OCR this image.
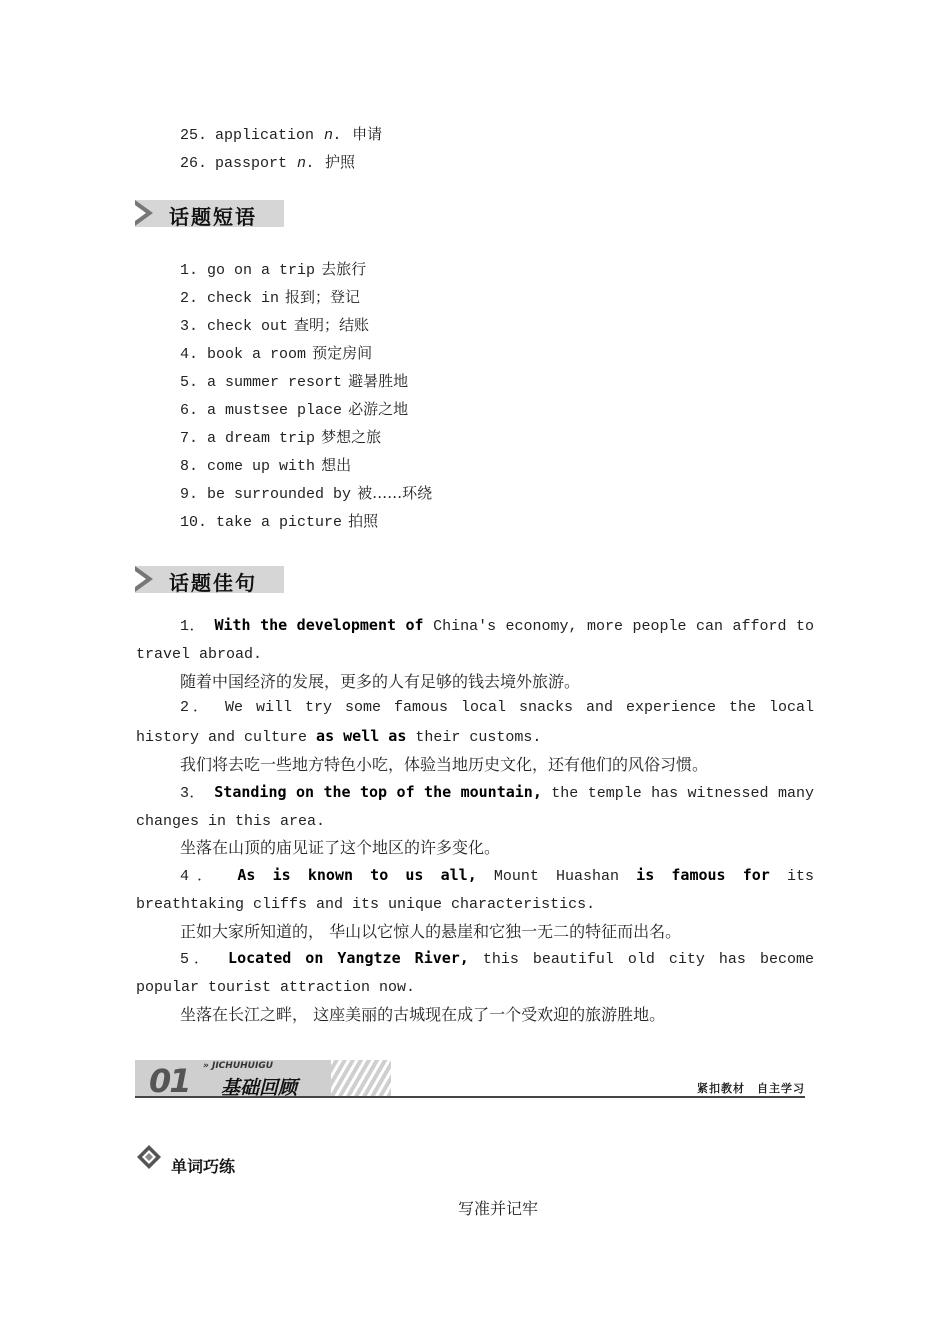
25. application n. 申请
26. passport n. 护照
话题短语
1. go on a trip 去旅行
2. check in 报到；登记
3. check out 查明；结账
4. book a room 预定房间
5. a summer resort 避暑胜地
6. a mustsee place 必游之地
7. a dream trip 梦想之旅
8. come up with 想出
9. be surrounded by 被……环绕
10. take a picture 拍照
话题佳句
1． With the development of China's economy, more people can afford to travel abroad.
随着中国经济的发展，更多的人有足够的钱去境外旅游。
2． We will try some famous local snacks and experience the local history and culture as well as their customs.
我们将去吃一些地方特色小吃，体验当地历史文化，还有他们的风俗习惯。
3． Standing on the top of the mountain, the temple has witnessed many changes in this area.
坐落在山顶的庙见证了这个地区的许多变化。
4． As is known to us all, Mount Huashan is famous for its breathtaking cliffs and its unique characteristics.
正如大家所知道的， 华山以它惊人的悬崖和它独一无二的特征而出名。
5． Located on Yangtze River, this beautiful old city has become popular tourist attraction now.
坐落在长江之畔， 这座美丽的古城现在成了一个受欢迎的旅游胜地。
01 » JICHUHUIGU
基础回顾	紧扣教材　自主学习
单词巧练
写准并记牢
